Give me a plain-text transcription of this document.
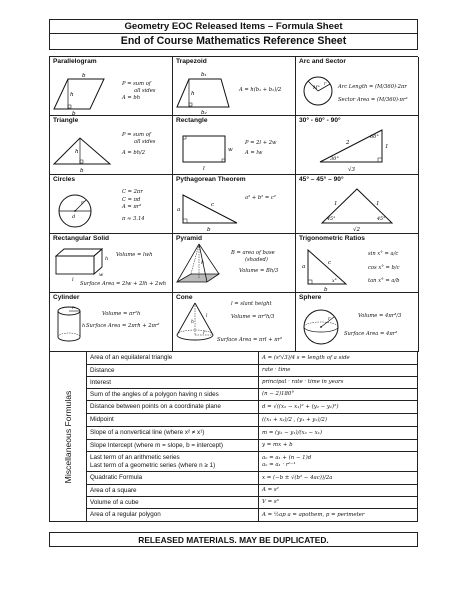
Geometry EOC Released Items – Formula Sheet
End of Course Mathematics Reference Sheet
Parallelogram
h
b
b
P = sum of
all sides
A = bh
Trapezoid
b₁
b₂
h
A = h(b₁ + b₂)/2
Arc and Sector
M°
r Arc Length = (M/360)·2πr
Sector Area = (M/360)·πr²
Triangle
h
b
P = sum of
all sides
A = bh/2
Rectangle
l
w
P = 2l + 2w
A = lw
30° - 60° - 90°
2
60°
1
30°
√3
Circles
r
d
C = 2πr
C = πd
A = πr²
π ≈ 3.14
Pythagorean Theorem
a
c
b
a² + b² = c²
45° – 45° – 90°
1	1
√2
45°	45°
Rectangular Solid
h
w
l
Volume = lwh
Surface Area = 2lw + 2lh + 2wh
Pyramid
h
B = area of base
(shaded)
Volume = Bh/3
Trigonometric Ratios
c
a
x°
b
sin x° = a/c
cos x° = b/c
tan x° = a/b
Cylinder
r
h
Volume = πr²h
Surface Area = 2πrh + 2πr²
Cone
h
l
r
l = slant height
Volume = πr²h/3
Surface Area = πrl + πr²
Sphere
r
Volume = 4πr³/3
Surface Area = 4πr²
Miscellaneous Formulas
Area of an equilateral triangle	A = (s²√3)/4 s = length of a side
Distance	rate · time
Interest	principal · rate · time in years
Sum of the angles of a polygon having n sides	(n − 2)180°
Distance between points on a coordinate plane	d = √((x₂ − x₁)² + (y₂ − y₁)²)
Midpoint	((x₁ + x₂)/2 , (y₁ + y₂)/2)
Slope of a nonvertical line (where x² ≠ x¹)	m = (y₂ − y₁)/(x₂ − x₁)
Slope Intercept (where m = slope, b = intercept)	y = mx + b
Last term of an arithmetic series
Last term of a geometric series (where n ≥ 1)
aₙ = a₁ + (n − 1)d
aₙ = a₁ · rⁿ⁻¹
Quadratic Formula	x = (−b ± √(b² − 4ac))/2a
Area of a square	A = s²
Volume of a cube	V = s³
Area of a regular polygon	A = ½ap a = apothem, p = perimeter
RELEASED MATERIALS. MAY BE DUPLICATED.
